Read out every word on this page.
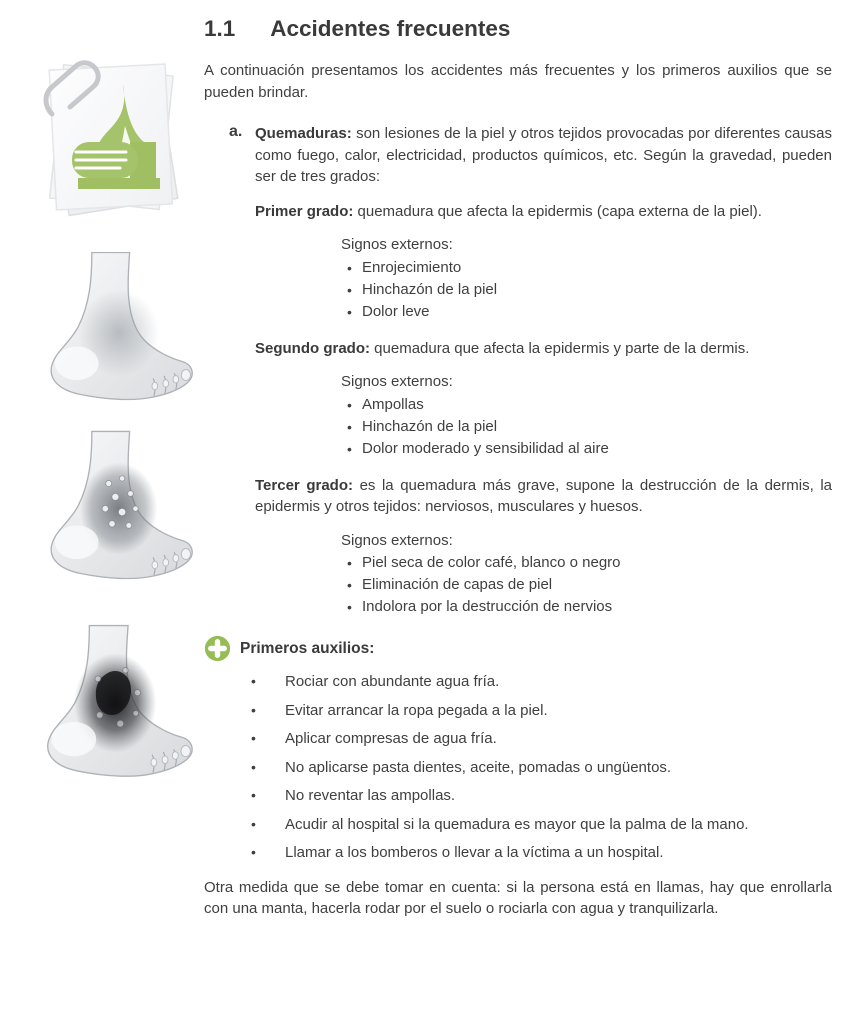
1.1 Accidentes frecuentes

A continuación presentamos los accidentes más frecuentes y los primeros auxilios que se pueden brindar.

a. Quemaduras: son lesiones de la piel y otros tejidos provocadas por diferentes causas como fuego, calor, electricidad, productos químicos, etc. Según la gravedad, pueden ser de tres grados:

Primer grado: quemadura que afecta la epidermis (capa externa de la piel).

Signos externos:
• Enrojecimiento
• Hinchazón de la piel
• Dolor leve

Segundo grado: quemadura que afecta la epidermis y parte de la dermis.

Signos externos:
• Ampollas
• Hinchazón de la piel
• Dolor moderado y sensibilidad al aire

Tercer grado: es la quemadura más grave, supone la destrucción de la dermis, la epidermis y otros tejidos: nerviosos, musculares y huesos.

Signos externos:
• Piel seca de color café, blanco o negro
• Eliminación de capas de piel
• Indolora por la destrucción de nervios
Primeros auxilios:
• Rociar con abundante agua fría.
• Evitar arrancar la ropa pegada a la piel.
• Aplicar compresas de agua fría.
• No aplicarse pasta dientes, aceite, pomadas o ungüentos.
• No reventar las ampollas.
• Acudir al hospital si la quemadura es mayor que la palma de la mano.
• Llamar a los bomberos o llevar a la víctima a un hospital.

Otra medida que se debe tomar en cuenta: si la persona está en llamas, hay que enrollarla con una manta, hacerla rodar por el suelo o rociarla con agua y tranquilizarla.
